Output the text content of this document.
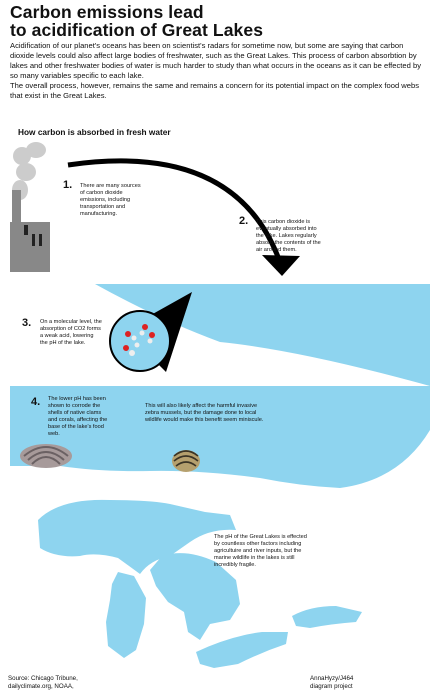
Carbon emissions lead
to acidification of Great Lakes

Acidification of our planet's oceans has been on scientist's radars for sometime now, but some are saying that carbon dioxide levels could also affect large bodies of freshwater, such as the Great Lakes. This process of carbon absorbtion by lakes and other freshwater bodies of water is much harder to study than what occurs in the oceans as it can be effected by so many variables specific to each lake.

The overall process, however, remains the same and remains a concern for its potential impact on the complex food webs that exist in the Great Lakes.

How carbon is absorbed in fresh water
1. There are many sources of carbon dioxide emissions, including transportation and manufacturing.
2. This carbon dioxide is eventually absorbed into the lake. Lakes regularly absorb the contents of the air around them.
3. On a molecular level, the absorption of CO2 forms a weak acid, lowering the pH of the lake.
4. The lower pH has been shown to corrode the shells of native clams and corals, affecting the base of the lake's food web.
This will also likely affect the harmful invasive zebra mussels, but the damage done to local wildlife would make this benefit seem miniscule.
The pH of the Great Lakes is effected by countless other factors including agricultuire and river inputs, but the marine wildlife in the lakes is still incredibly fragile.
Source: Chicago Tribune,
dailyclimate.org, NOAA,
AnnaHyzy/J464
diagram project
